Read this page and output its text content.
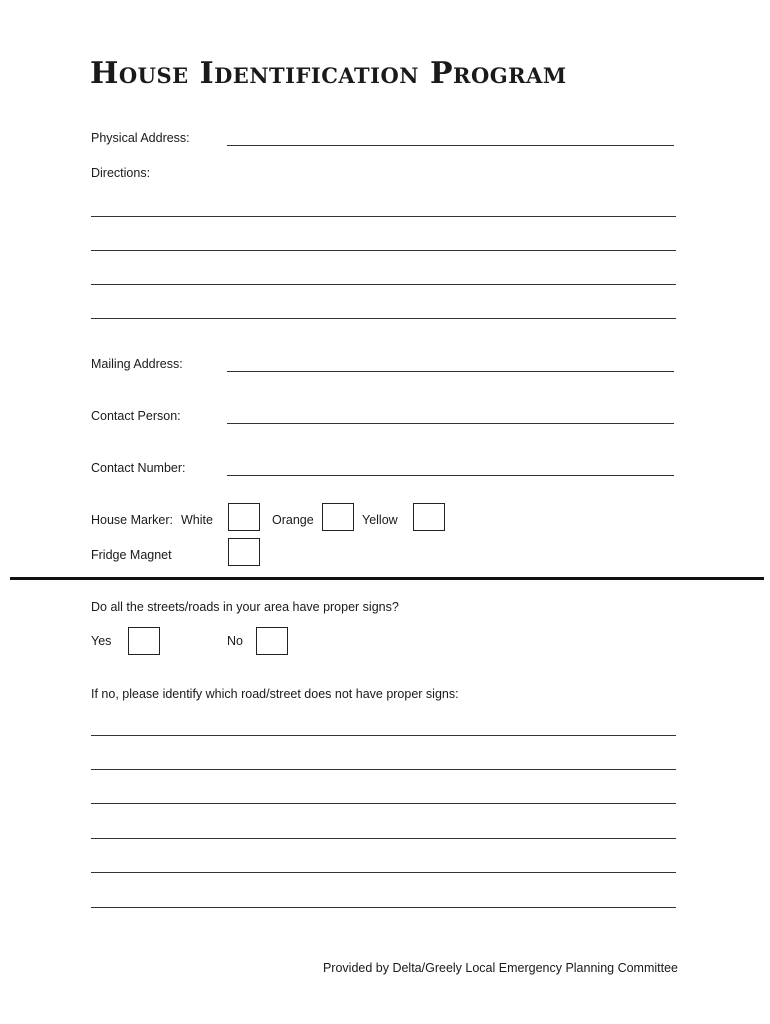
House Identification Program
Physical Address:
Directions:
Mailing Address:
Contact Person:
Contact Number:
House Marker: White	Orange	Yellow
Fridge Magnet
Do all the streets/roads in your area have proper signs?
Yes	No
If no, please identify which road/street does not have proper signs:
Provided by Delta/Greely Local Emergency Planning Committee
